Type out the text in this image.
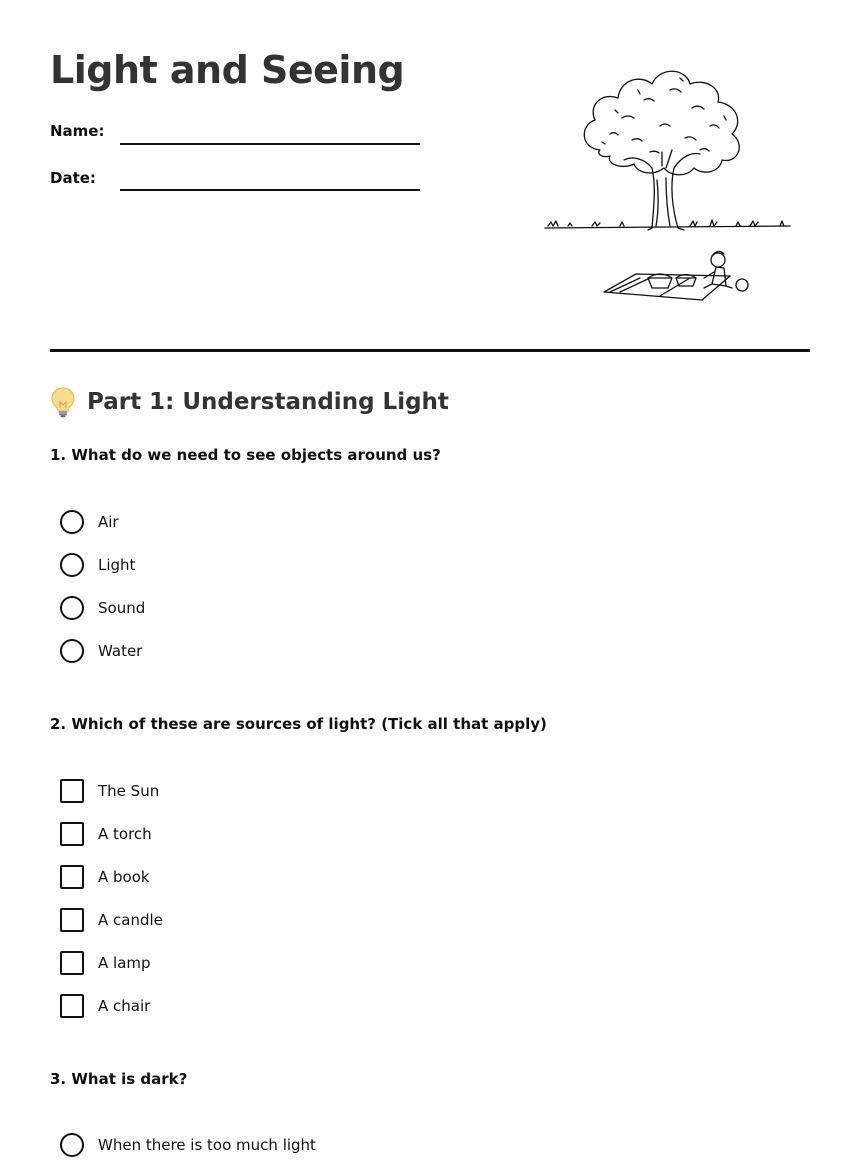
Light and Seeing
Name:
Date:
Part 1: Understanding Light
1. What do we need to see objects around us?
Air
Light
Sound
Water
2. Which of these are sources of light? (Tick all that apply)
The Sun
A torch
A book
A candle
A lamp
A chair
3. What is dark?
When there is too much light
